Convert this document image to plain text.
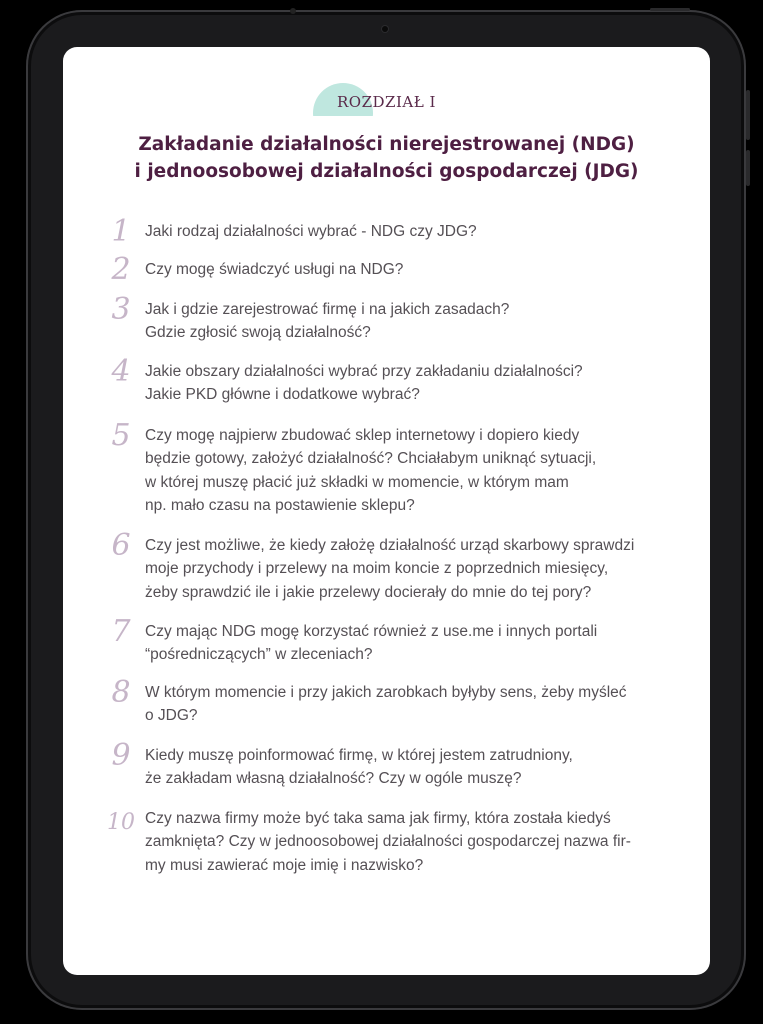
ROZDZIAŁ I
Zakładanie działalności nierejestrowanej (NDG)
i jednoosobowej działalności gospodarczej (JDG)
1 Jaki rodzaj działalności wybrać - NDG czy JDG?
2 Czy mogę świadczyć usługi na NDG?
3 Jak i gdzie zarejestrować firmę i na jakich zasadach?
Gdzie zgłosić swoją działalność?
4 Jakie obszary działalności wybrać przy zakładaniu działalności?
Jakie PKD główne i dodatkowe wybrać?
5 Czy mogę najpierw zbudować sklep internetowy i dopiero kiedy
będzie gotowy, założyć działalność? Chciałabym uniknąć sytuacji,
w której muszę płacić już składki w momencie, w którym mam
np. mało czasu na postawienie sklepu?
6 Czy jest możliwe, że kiedy założę działalność urząd skarbowy sprawdzi
moje przychody i przelewy na moim koncie z poprzednich miesięcy,
żeby sprawdzić ile i jakie przelewy docierały do mnie do tej pory?
7 Czy mając NDG mogę korzystać również z use.me i innych portali
“pośredniczących” w zleceniach?
8 W którym momencie i przy jakich zarobkach byłyby sens, żeby myśleć
o JDG?
9 Kiedy muszę poinformować firmę, w której jestem zatrudniony,
że zakładam własną działalność? Czy w ogóle muszę?
10 Czy nazwa firmy może być taka sama jak firmy, która została kiedyś
zamknięta? Czy w jednoosobowej działalności gospodarczej nazwa fir-
my musi zawierać moje imię i nazwisko?
